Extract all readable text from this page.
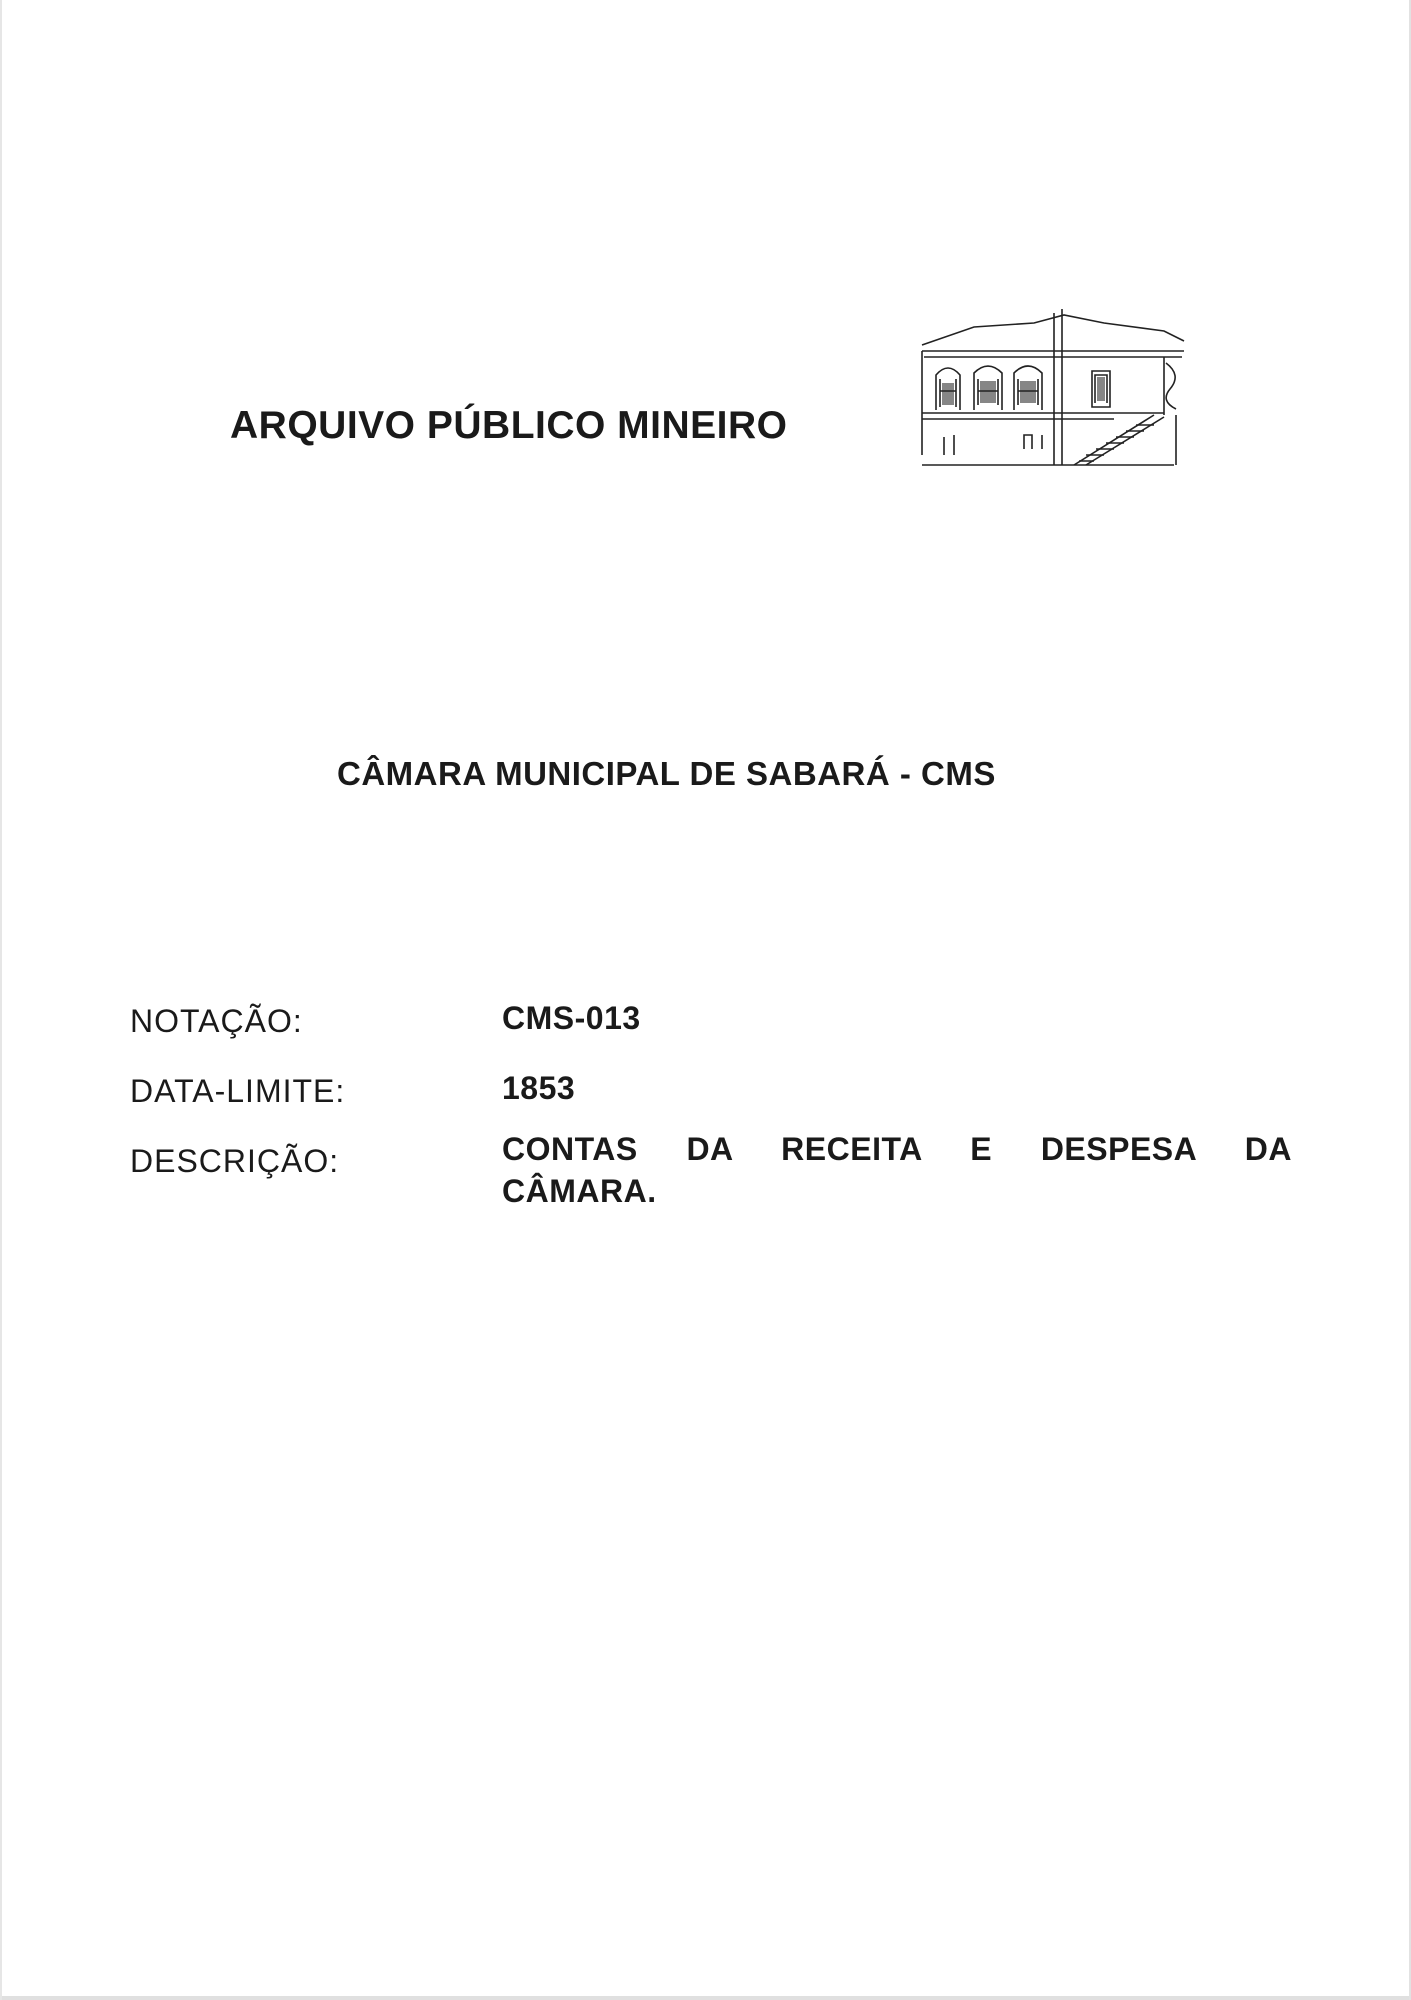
ARQUIVO PÚBLICO MINEIRO
CÂMARA MUNICIPAL DE SABARÁ - CMS
NOTAÇÃO:	CMS-013
DATA-LIMITE:	1853
DESCRIÇÃO:	CONTAS DA RECEITA E DESPESA DA CÂMARA.
